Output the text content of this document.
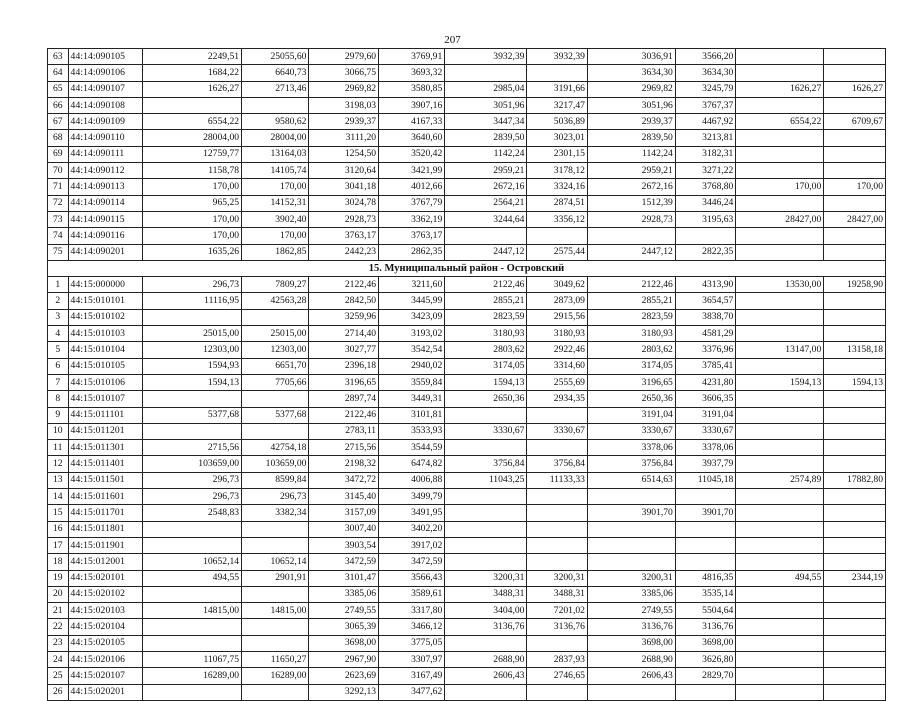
207
63	44:14:090105	2249,51	25055,60	2979,60	3769,91	3932,39	3932,39	3036,91	3566,20		
64	44:14:090106	1684,22	6640,73	3066,75	3693,32			3634,30	3634,30		
65	44:14:090107	1626,27	2713,46	2969,82	3580,85	2985,04	3191,66	2969,82	3245,79	1626,27	1626,27
66	44:14:090108			3198,03	3907,16	3051,96	3217,47	3051,96	3767,37		
67	44:14:090109	6554,22	9580,62	2939,37	4167,33	3447,34	5036,89	2939,37	4467,92	6554,22	6709,67
68	44:14:090110	28004,00	28004,00	3111,20	3640,60	2839,50	3023,01	2839,50	3213,81		
69	44:14:090111	12759,77	13164,03	1254,50	3520,42	1142,24	2301,15	1142,24	3182,31		
70	44:14:090112	1158,78	14105,74	3120,64	3421,99	2959,21	3178,12	2959,21	3271,22		
71	44:14:090113	170,00	170,00	3041,18	4012,66	2672,16	3324,16	2672,16	3768,80	170,00	170,00
72	44:14:090114	965,25	14152,31	3024,78	3767,79	2564,21	2874,51	1512,39	3446,24		
73	44:14:090115	170,00	3902,40	2928,73	3362,19	3244,64	3356,12	2928,73	3195,63	28427,00	28427,00
74	44:14:090116	170,00	170,00	3763,17	3763,17						
75	44:14:090201	1635,26	1862,85	2442,23	2862,35	2447,12	2575,44	2447,12	2822,35		
15. Муниципальный район - Островский											
1	44:15:000000	296,73	7809,27	2122,46	3211,60	2122,46	3049,62	2122,46	4313,90	13530,00	19258,90
2	44:15:010101	11116,95	42563,28	2842,50	3445,99	2855,21	2873,09	2855,21	3654,57		
3	44:15:010102			3259,96	3423,09	2823,59	2915,56	2823,59	3838,70		
4	44:15:010103	25015,00	25015,00	2714,40	3193,02	3180,93	3180,93	3180,93	4581,29		
5	44:15:010104	12303,00	12303,00	3027,77	3542,54	2803,62	2922,46	2803,62	3376,96	13147,00	13158,18
6	44:15:010105	1594,93	6651,70	2396,18	2940,02	3174,05	3314,60	3174,05	3785,41		
7	44:15:010106	1594,13	7705,66	3196,65	3559,84	1594,13	2555,69	3196,65	4231,80	1594,13	1594,13
8	44:15:010107			2897,74	3449,31	2650,36	2934,35	2650,36	3606,35		
9	44:15:011101	5377,68	5377,68	2122,46	3101,81			3191,04	3191,04		
10	44:15:011201			2783,11	3533,93	3330,67	3330,67	3330,67	3330,67		
11	44:15:011301	2715,56	42754,18	2715,56	3544,59			3378,06	3378,06		
12	44:15:011401	103659,00	103659,00	2198,32	6474,82	3756,84	3756,84	3756,84	3937,79		
13	44:15:011501	296,73	8599,84	3472,72	4006,88	11043,25	11133,33	6514,63	11045,18	2574,89	17882,80
14	44:15:011601	296,73	296,73	3145,40	3499,79						
15	44:15:011701	2548,83	3382,34	3157,09	3491,95			3901,70	3901,70		
16	44:15:011801			3007,40	3402,20						
17	44:15:011901			3903,54	3917,02						
18	44:15:012001	10652,14	10652,14	3472,59	3472,59						
19	44:15:020101	494,55	2901,91	3101,47	3566,43	3200,31	3200,31	3200,31	4816,35	494,55	2344,19
20	44:15:020102			3385,06	3589,61	3488,31	3488,31	3385,06	3535,14		
21	44:15:020103	14815,00	14815,00	2749,55	3317,80	3404,00	7201,02	2749,55	5504,64		
22	44:15:020104			3065,39	3466,12	3136,76	3136,76	3136,76	3136,76		
23	44:15:020105			3698,00	3775,05			3698,00	3698,00		
24	44:15:020106	11067,75	11650,27	2967,90	3307,97	2688,90	2837,93	2688,90	3626,80		
25	44:15:020107	16289,00	16289,00	2623,69	3167,49	2606,43	2746,65	2606,43	2829,70		
26	44:15:020201			3292,13	3477,62						
